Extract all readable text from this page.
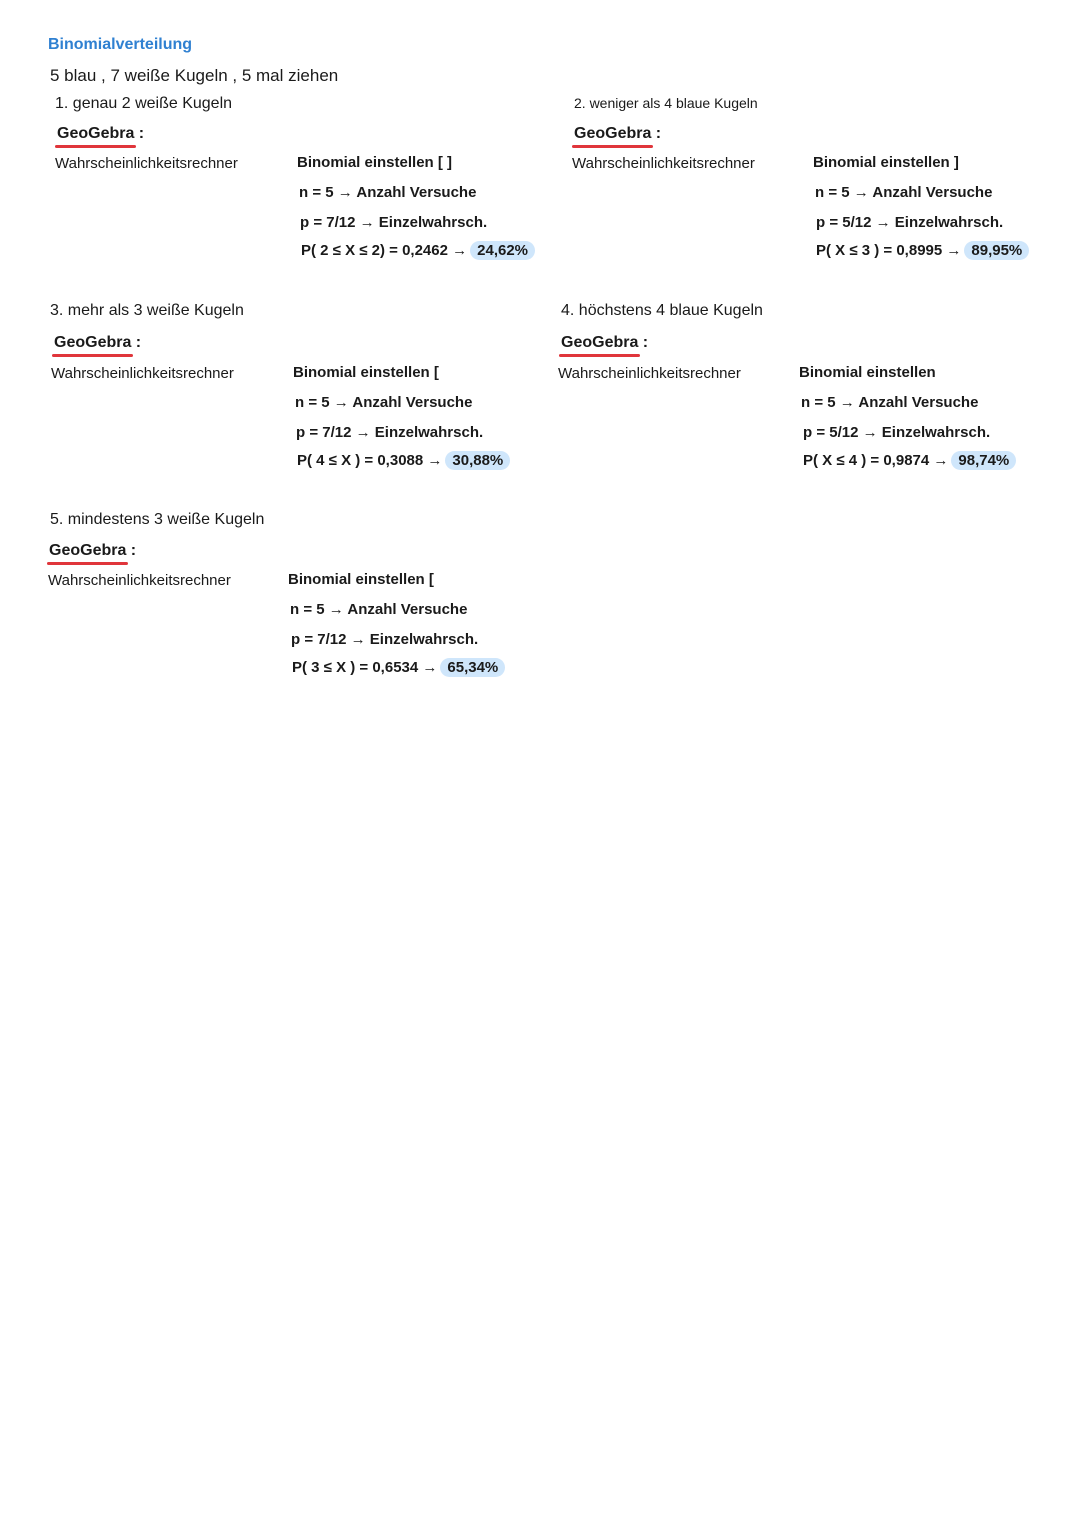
Binomialverteilung
5 blau , 7 weiße Kugeln , 5 mal ziehen
1. genau 2 weiße Kugeln
GeoGebra :
Wahrscheinlichkeitsrechner	Binomial einstellen [ ]
n = 5 → Anzahl Versuche
p = 7/12 → Einzelwahrsch.
P( 2 ≤ X ≤ 2) = 0,2462 → 24,62%
2. weniger als 4 blaue Kugeln
GeoGebra :
Wahrscheinlichkeitsrechner	Binomial einstellen ]
n = 5 → Anzahl Versuche
p = 5/12 → Einzelwahrsch.
P( X ≤ 3 ) = 0,8995 → 89,95%
3. mehr als 3 weiße Kugeln
GeoGebra :
Wahrscheinlichkeitsrechner	Binomial einstellen [
n = 5 → Anzahl Versuche
p = 7/12 → Einzelwahrsch.
P( 4 ≤ X ) = 0,3088 → 30,88%
4. höchstens 4 blaue Kugeln
GeoGebra :
Wahrscheinlichkeitsrechner	Binomial einstellen
n = 5 → Anzahl Versuche
p = 5/12 → Einzelwahrsch.
P( X ≤ 4 ) = 0,9874 → 98,74%
5. mindestens 3 weiße Kugeln
GeoGebra :
Wahrscheinlichkeitsrechner	Binomial einstellen [
n = 5 → Anzahl Versuche
p = 7/12 → Einzelwahrsch.
P( 3 ≤ X ) = 0,6534 → 65,34%
